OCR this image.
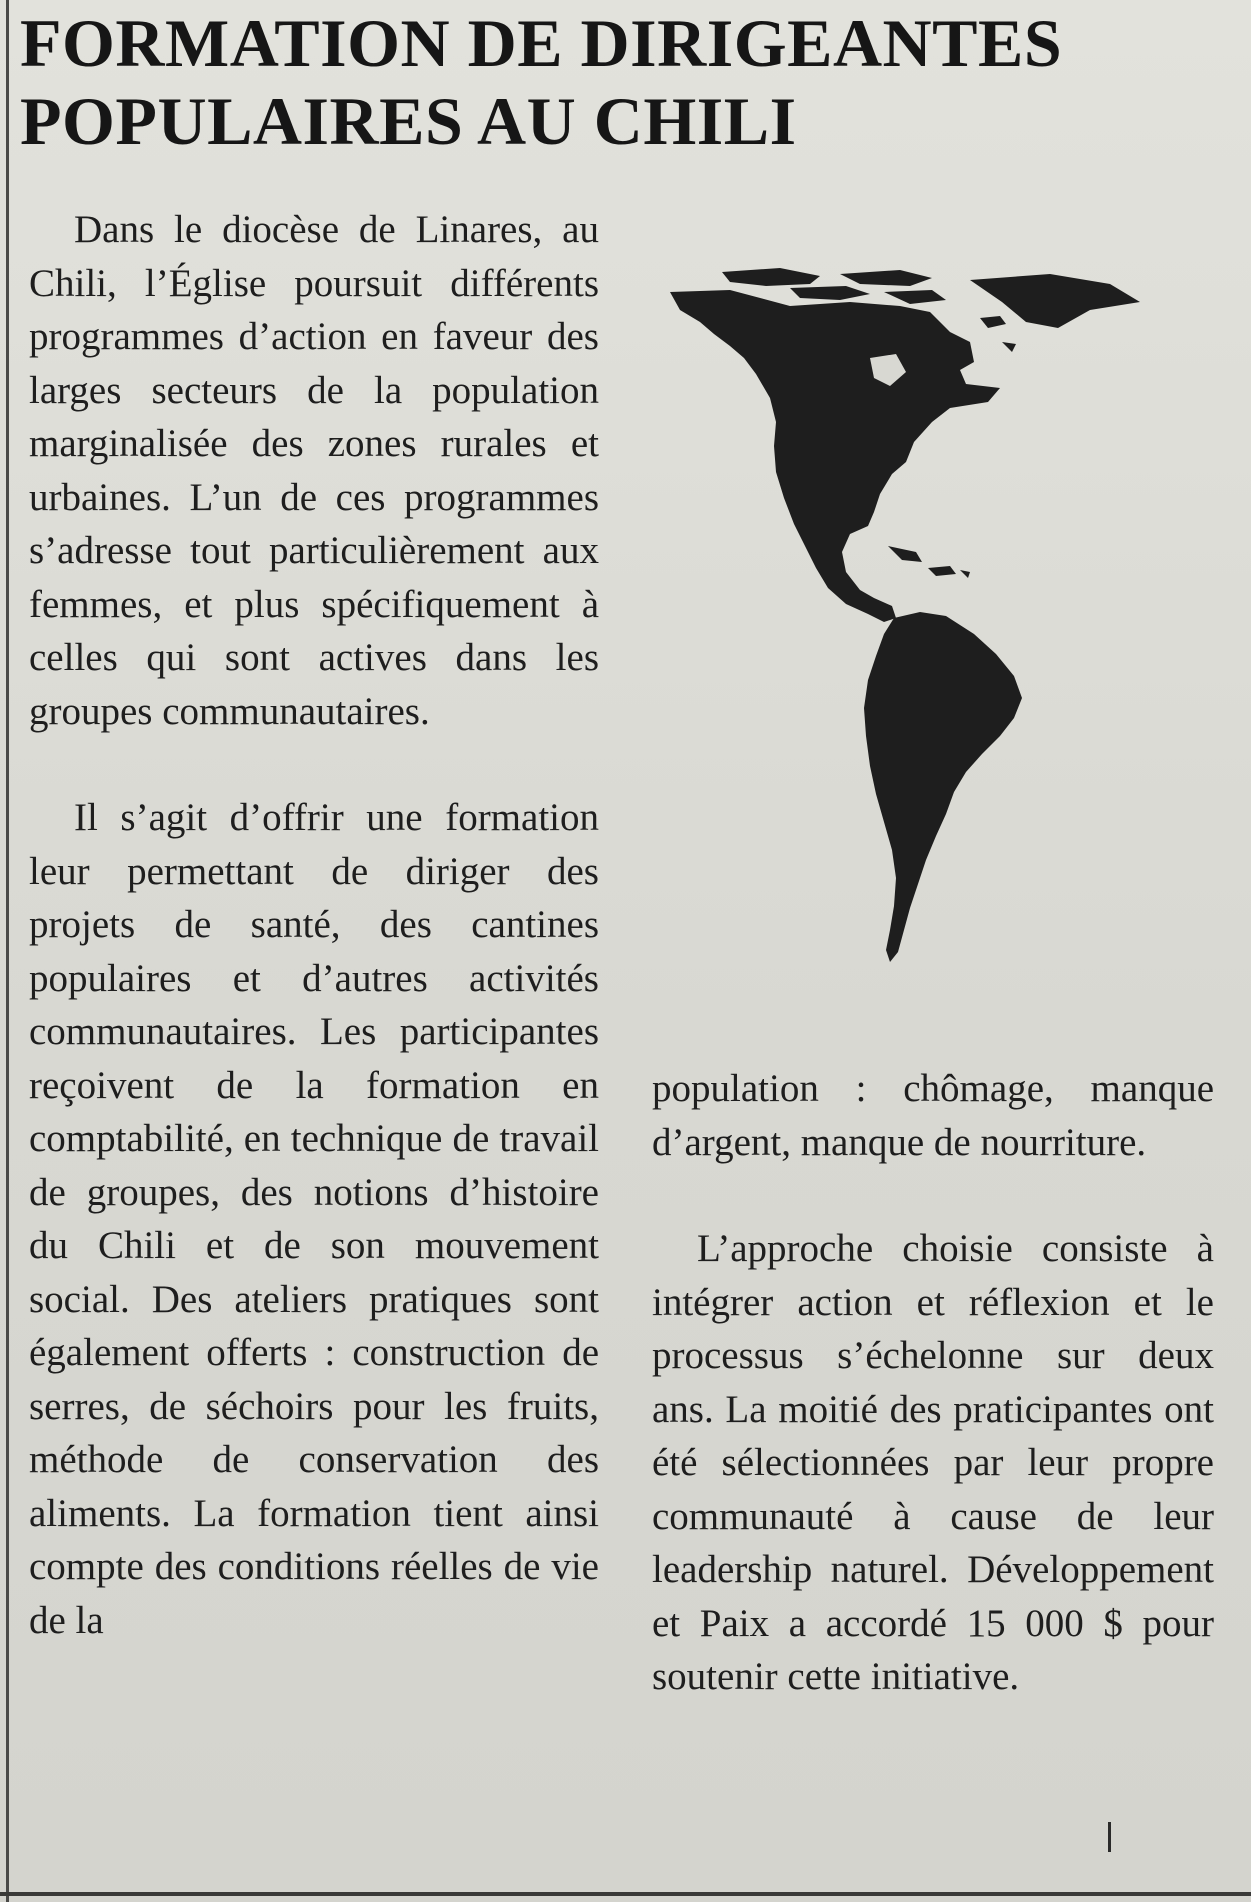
FORMATION DE DIRIGEANTES
POPULAIRES AU CHILI

Dans le diocèse de Linares, au Chili, l’Église poursuit différents programmes d’action en faveur des larges secteurs de la population marginalisée des zones rurales et urbaines. L’un de ces programmes s’adresse tout particulièrement aux femmes, et plus spécifiquement à celles qui sont actives dans les groupes communautaires.

Il s’agit d’offrir une formation leur permettant de diriger des projets de santé, des cantines populaires et d’autres activités communautaires. Les participantes reçoivent de la formation en comptabilité, en technique de travail de groupes, des notions d’histoire du Chili et de son mouvement social. Des ateliers pratiques sont également offerts : construction de serres, de séchoirs pour les fruits, méthode de conservation des aliments. La formation tient ainsi compte des conditions réelles de vie de la

population : chômage, manque d’argent, manque de nourriture.

L’approche choisie consiste à intégrer action et réflexion et le processus s’échelonne sur deux ans. La moitié des praticipantes ont été sélectionnées par leur propre communauté à cause de leur leadership naturel. Développement et Paix a accordé 15 000 $ pour soutenir cette initiative.
